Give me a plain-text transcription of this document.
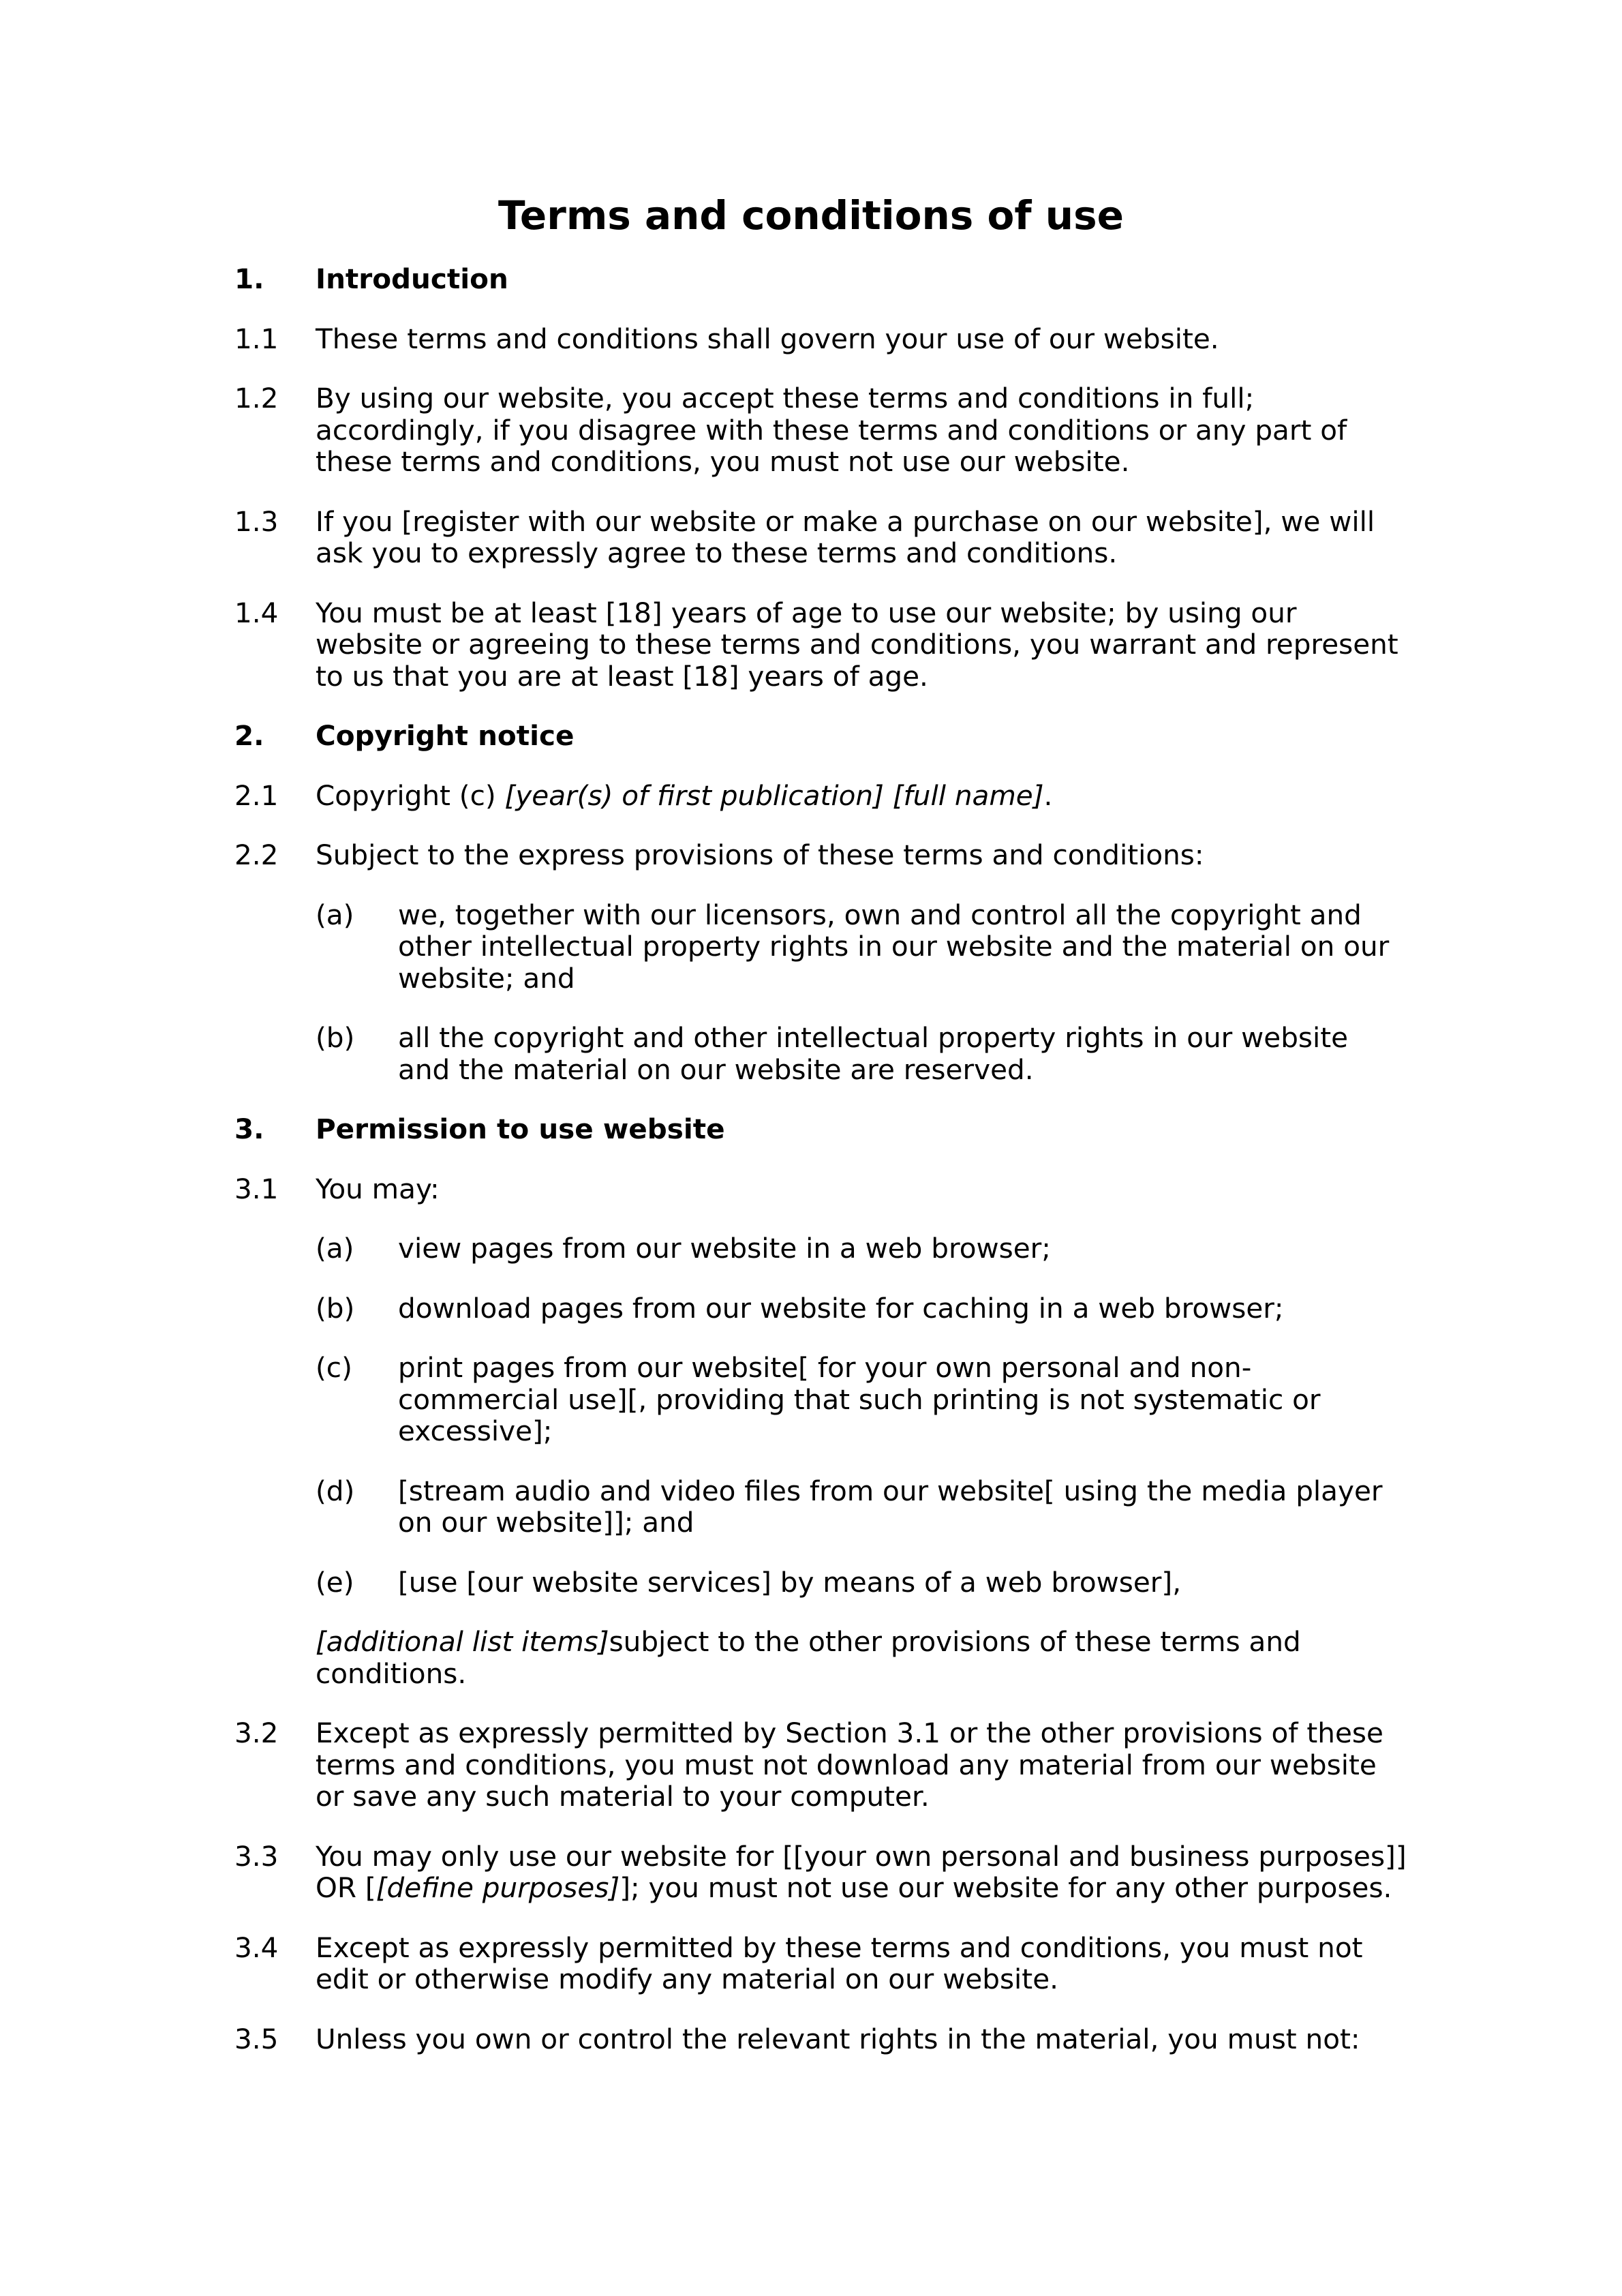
Terms and conditions of use
1. Introduction
1.1 These terms and conditions shall govern your use of our website.
1.2 By using our website, you accept these terms and conditions in full; accordingly, if you disagree with these terms and conditions or any part of these terms and conditions, you must not use our website.
1.3 If you [register with our website or make a purchase on our website], we will ask you to expressly agree to these terms and conditions.
1.4 You must be at least [18] years of age to use our website; by using our website or agreeing to these terms and conditions, you warrant and represent to us that you are at least [18] years of age.
2. Copyright notice
2.1 Copyright (c) [year(s) of first publication] [full name].
2.2 Subject to the express provisions of these terms and conditions:
(a) we, together with our licensors, own and control all the copyright and other intellectual property rights in our website and the material on our website; and
(b) all the copyright and other intellectual property rights in our website and the material on our website are reserved.
3. Permission to use website
3.1 You may:
(a) view pages from our website in a web browser;
(b) download pages from our website for caching in a web browser;
(c) print pages from our website[ for your own personal and non-commercial use][, providing that such printing is not systematic or excessive];
(d) [stream audio and video files from our website[ using the media player on our website]]; and
(e) [use [our website services] by means of a web browser],
[additional list items]subject to the other provisions of these terms and conditions.
3.2 Except as expressly permitted by Section 3.1 or the other provisions of these terms and conditions, you must not download any material from our website or save any such material to your computer.
3.3 You may only use our website for [[your own personal and business purposes]] OR [[define purposes]]; you must not use our website for any other purposes.
3.4 Except as expressly permitted by these terms and conditions, you must not edit or otherwise modify any material on our website.
3.5 Unless you own or control the relevant rights in the material, you must not:
